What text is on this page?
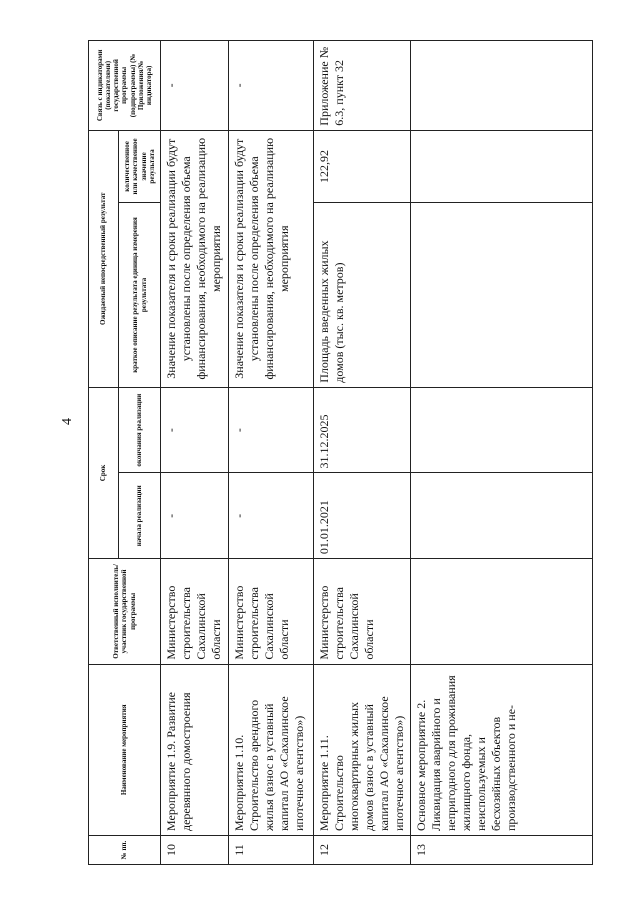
4
№ пп.	Наименование мероприятия	Ответственный исполнитель/участник государственной программы	Срок		Ожидаемый непосредственный результат		Связь с индикаторами (показателями) государственной программы (подпрограммы) (№ Приложения/№ индикатора)
			начала реализации	окончания реализации	краткое описание результата единица измерения результата	количественное или качественное значение результата	
10	Мероприятие 1.9. Развитие деревянного домостроения	Министерство строительства Сахалинской области	-	-	Значение показателя и сроки реализации будут установлены после определения объема финансирования, необходимого на реализацию мероприятия		-
11	Мероприятие 1.10. Строительство арендного жилья (взнос в уставный капитал АО «Сахалинское ипотечное агентство»)	Министерство строительства Сахалинской области	-	-	Значение показателя и сроки реализации будут установлены после определения объема финансирования, необходимого на реализацию мероприятия		-
12	Мероприятие 1.11. Строительство многоквартирных жилых домов (взнос в уставный капитал АО «Сахалинское ипотечное агентство»)	Министерство строительства Сахалинской области	01.01.2021	31.12.2025	Площадь введенных жилых домов (тыс. кв. метров)	122,92	Приложение № 6.3, пункт 32
13	Основное мероприятие 2. Ликвидация аварийного и непригодного для проживания жилищного фонда, неиспользуемых и бесхозяйных объектов производственного и не-						
